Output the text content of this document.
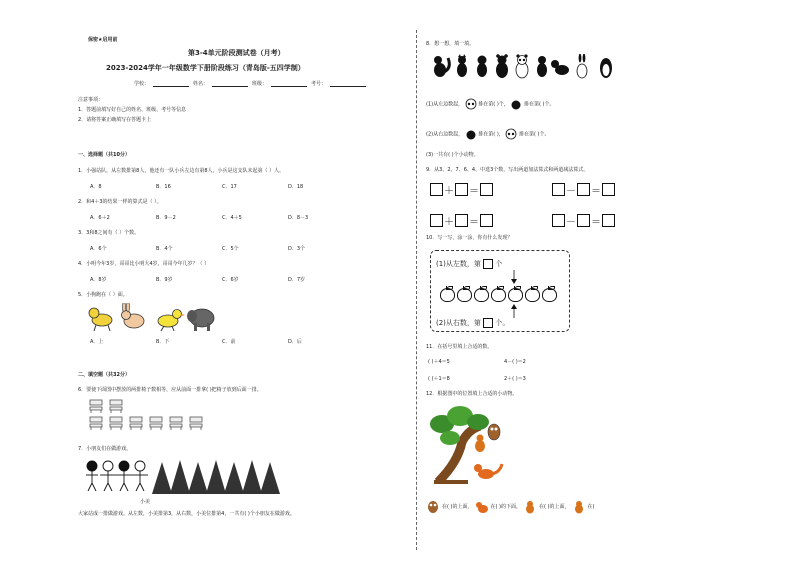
保密★启用前
第3-4单元阶段测试卷（月考）
2023-2024学年一年级数学下册阶段练习（青岛版-五四学制）
学校：	姓名：	班级：	考号：
注意事项：
1．答题前填写好自己的姓名、班级、考号等信息
2．请将答案正确填写在答题卡上
一、选择题（共10分）
1．小强站队，从左数排第8人，他还有一队小兵左边有第8人，小兵是这支队未起第（ ）人。
A．8	B．16	C．17	D．18
2．和4＋3的结果一样的算式是（ ）。
A．6＋2	B．9－2	C．4＋5	D．8－3
3．3和8之间有（ ）个数。
A．6个	B．4个	C．5个	D．3个
4．小明今年3岁，哥哥比小明大4岁，哥哥今年几岁？（ ）
A．8岁	B．9岁	C．6岁	D．7岁
5．小狗跑在（ ）面。
A．上	B．下	C．前	D．后
二、填空题（共32分）
6．要使下面图中摆放的两排椅子数相等，应从前面一排拿( )把椅子放到后面一排。
7．小朋友们在做游戏。
小美
大家站成一排做游戏。从左数，小美排第3，从右数，小美位排第4，一共有( )个小朋友在做游戏。
8．想一想，填一填。
(1)从左边数起，	排在第( )个，	排在第( )个。
(2)从右边数起，	排在第( )，	排在第( )个。
(3)一共有( )个小动物。
9．从3、2、7、6、4、中选3个数，写出两道加法算式和两道减法算式。
＋ ＝	－ ＝
＋ ＝	－ ＝
10．写一写，涂一涂，你有什么发现？
(1)从左数，第 个
(2)从右数，第 个。
11．在括号里填上合适的数。
( )＋4＝5	4－( )＝2
( )＋1＝8	2＋( )＝3
12．根据图中的位置填上合适的小动物。
在( )的上面，	在( )的下面，	在( )的上面，	在(
